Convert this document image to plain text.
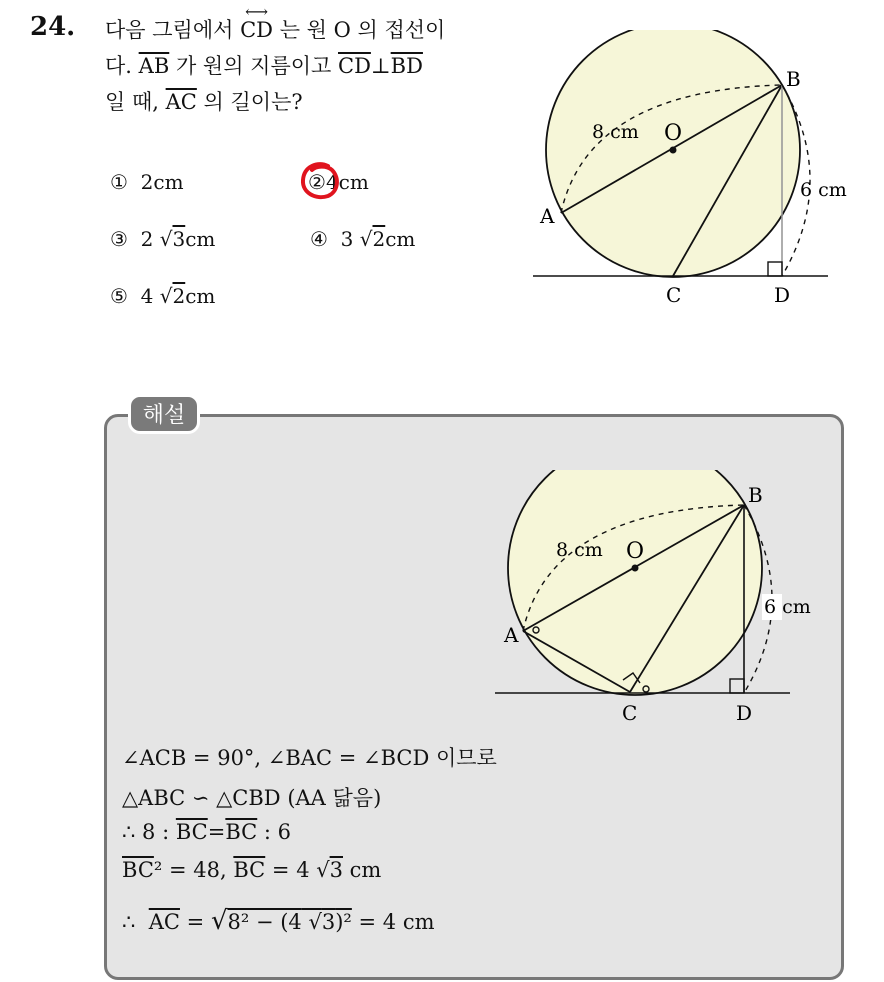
24. 다음 그림에서 ⟷ CD 는 원 O 의 접선이
다. $\overline{AB}$ 가 원의 지름이고 $\overline{CD}\perp\overline{BD}$
일 때, $\overline{AC}$ 의 길이는?
① 2cm	②4cm
③ 2 √3cm	④ 3 √2cm
⑤ 4 √2cm
O
8 cm
6 cm
A
B
C	D
해설
O
8 cm
6 cm
A
B
C	D
∠ACB = 90°, ∠BAC = ∠BCD 이므로
△ABC ∽ △CBD (AA 닮음)
∴ 8 : $\overline{BC}=\overline{BC}$ : 6
$\overline{BC}^2 = 48$, $\overline{BC} = 4$ √3 cm
∴ $\overline{AC} = √8^2 - (4$ √3)² = 4 cm
